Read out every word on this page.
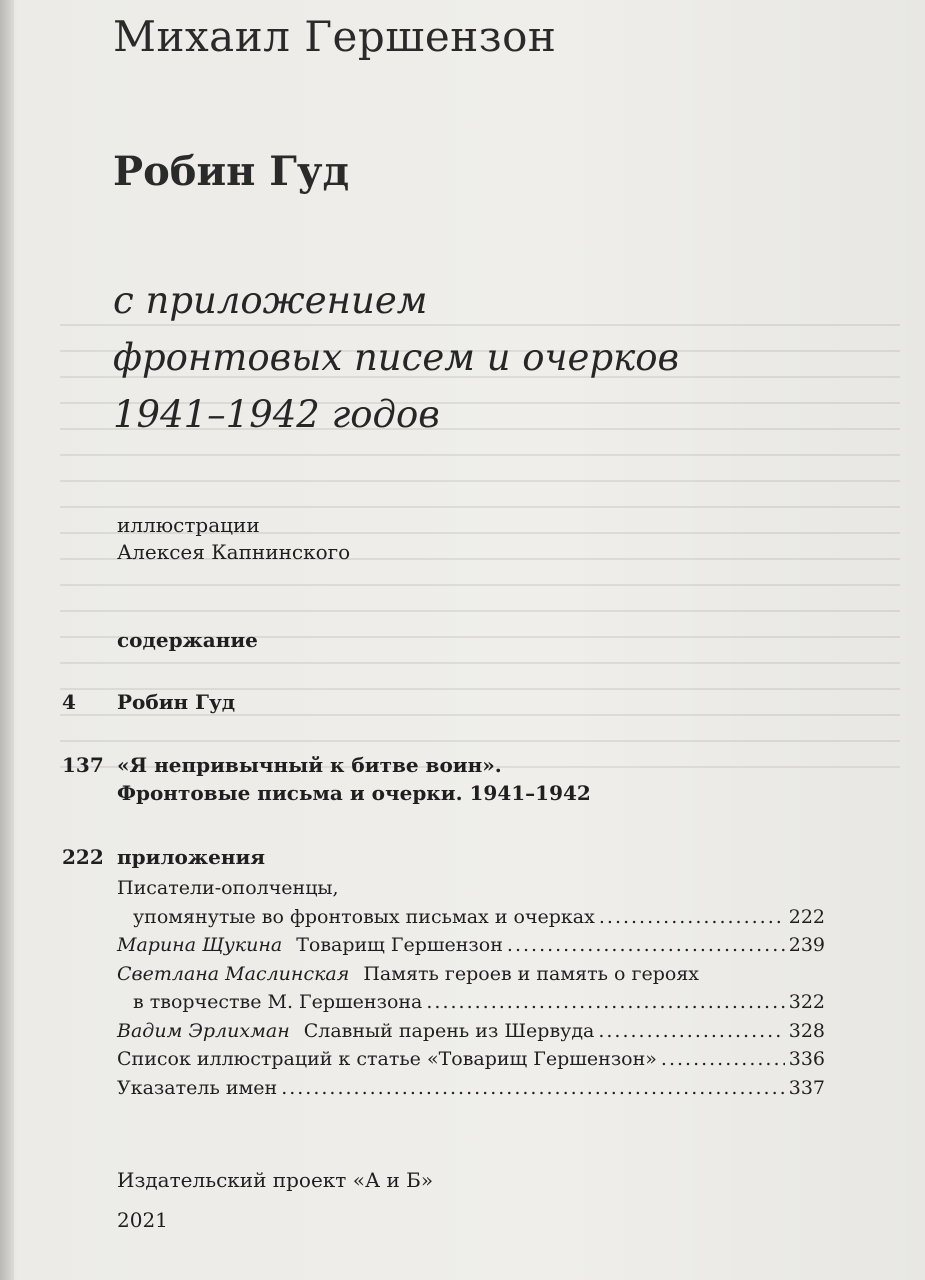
Михаил Гершензон
Робин Гуд
с приложением
фронтовых писем и очерков
1941–1942 годов
иллюстрации
Алексея Капнинского
содержание
4 Робин Гуд
137 «Я непривычный к битве воин».
Фронтовые письма и очерки. 1941–1942
222 приложения
Писатели-ополченцы,
упомянутые во фронтовых письмах и очерках .....	222
Марина Щукина Товарищ Гершензон .....	239
Светлана Маслинская Память героев и память о героях
в творчестве М. Гершензона .....	322
Вадим Эрлихман Славный парень из Шервуда .....	328
Список иллюстраций к статье «Товарищ Гершензон» .....	336
Указатель имен .....	337
Издательский проект «А и Б»
2021
